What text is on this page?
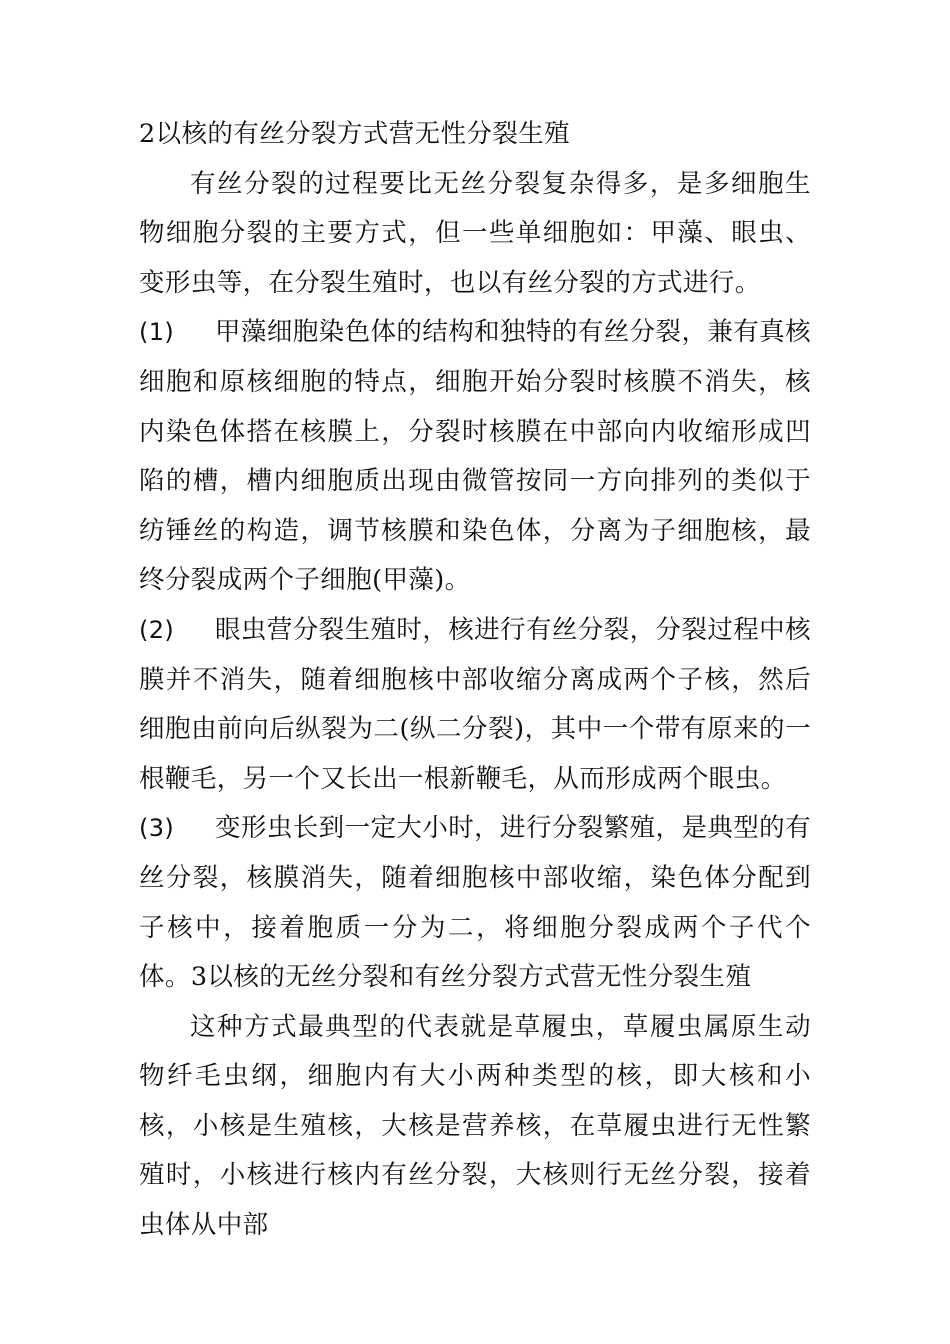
2以核的有丝分裂方式营无性分裂生殖

有丝分裂的过程要比无丝分裂复杂得多，是多细胞生物细胞分裂的主要方式，但一些单细胞如：甲藻、眼虫、变形虫等，在分裂生殖时，也以有丝分裂的方式进行。

(1) 甲藻细胞染色体的结构和独特的有丝分裂，兼有真核细胞和原核细胞的特点，细胞开始分裂时核膜不消失，核内染色体搭在核膜上，分裂时核膜在中部向内收缩形成凹陷的槽，槽内细胞质出现由微管按同一方向排列的类似于纺锤丝的构造，调节核膜和染色体，分离为子细胞核，最终分裂成两个子细胞(甲藻)。

(2) 眼虫营分裂生殖时，核进行有丝分裂，分裂过程中核膜并不消失，随着细胞核中部收缩分离成两个子核，然后细胞由前向后纵裂为二(纵二分裂)，其中一个带有原来的一根鞭毛，另一个又长出一根新鞭毛，从而形成两个眼虫。

(3) 变形虫长到一定大小时，进行分裂繁殖，是典型的有丝分裂，核膜消失，随着细胞核中部收缩，染色体分配到子核中，接着胞质一分为二，将细胞分裂成两个子代个体。3以核的无丝分裂和有丝分裂方式营无性分裂生殖

这种方式最典型的代表就是草履虫，草履虫属原生动物纤毛虫纲，细胞内有大小两种类型的核，即大核和小核，小核是生殖核，大核是营养核，在草履虫进行无性繁殖时，小核进行核内有丝分裂，大核则行无丝分裂，接着虫体从中部
